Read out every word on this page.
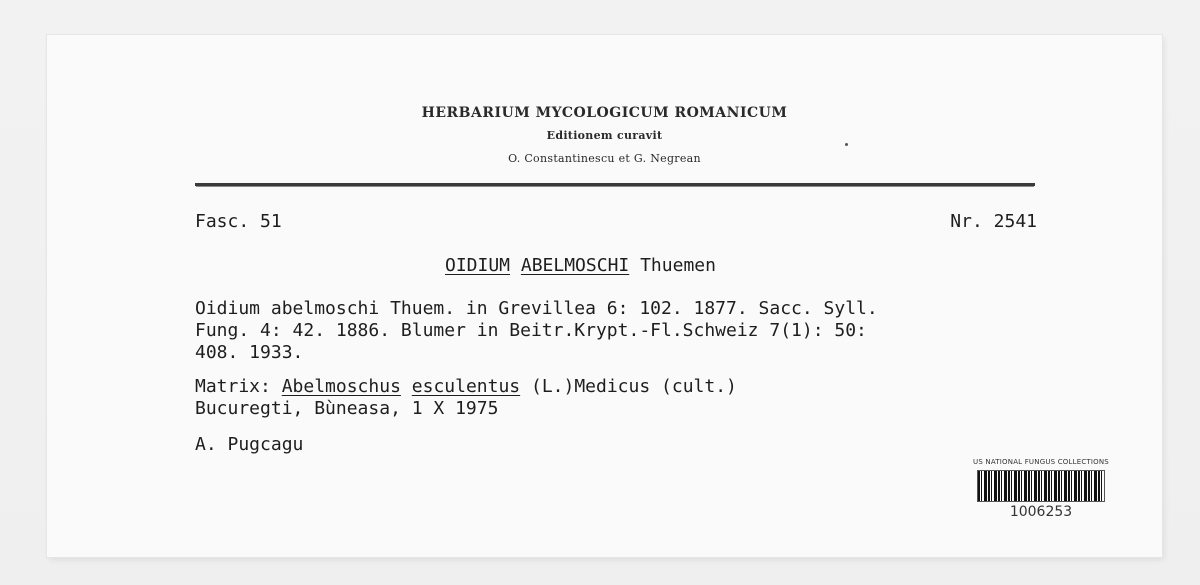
HERBARIUM MYCOLOGICUM ROMANICUM
Editionem curavit
O. Constantinescu et G. Negrean
Fasc. 51	Nr. 2541
OIDIUM ABELMOSCHI Thuemen
Oidium abelmoschi Thuem. in Grevillea 6: 102. 1877. Sacc. Syll.
Fung. 4: 42. 1886. Blumer in Beitr.Krypt.-Fl.Schweiz 7(1): 50:
408. 1933.
Matrix: Abelmoschus esculentus (L.)Medicus (cult.)
Bucuregti, Bùneasa, 1 X 1975
A. Pugcagu
US NATIONAL FUNGUS COLLECTIONS
1006253
